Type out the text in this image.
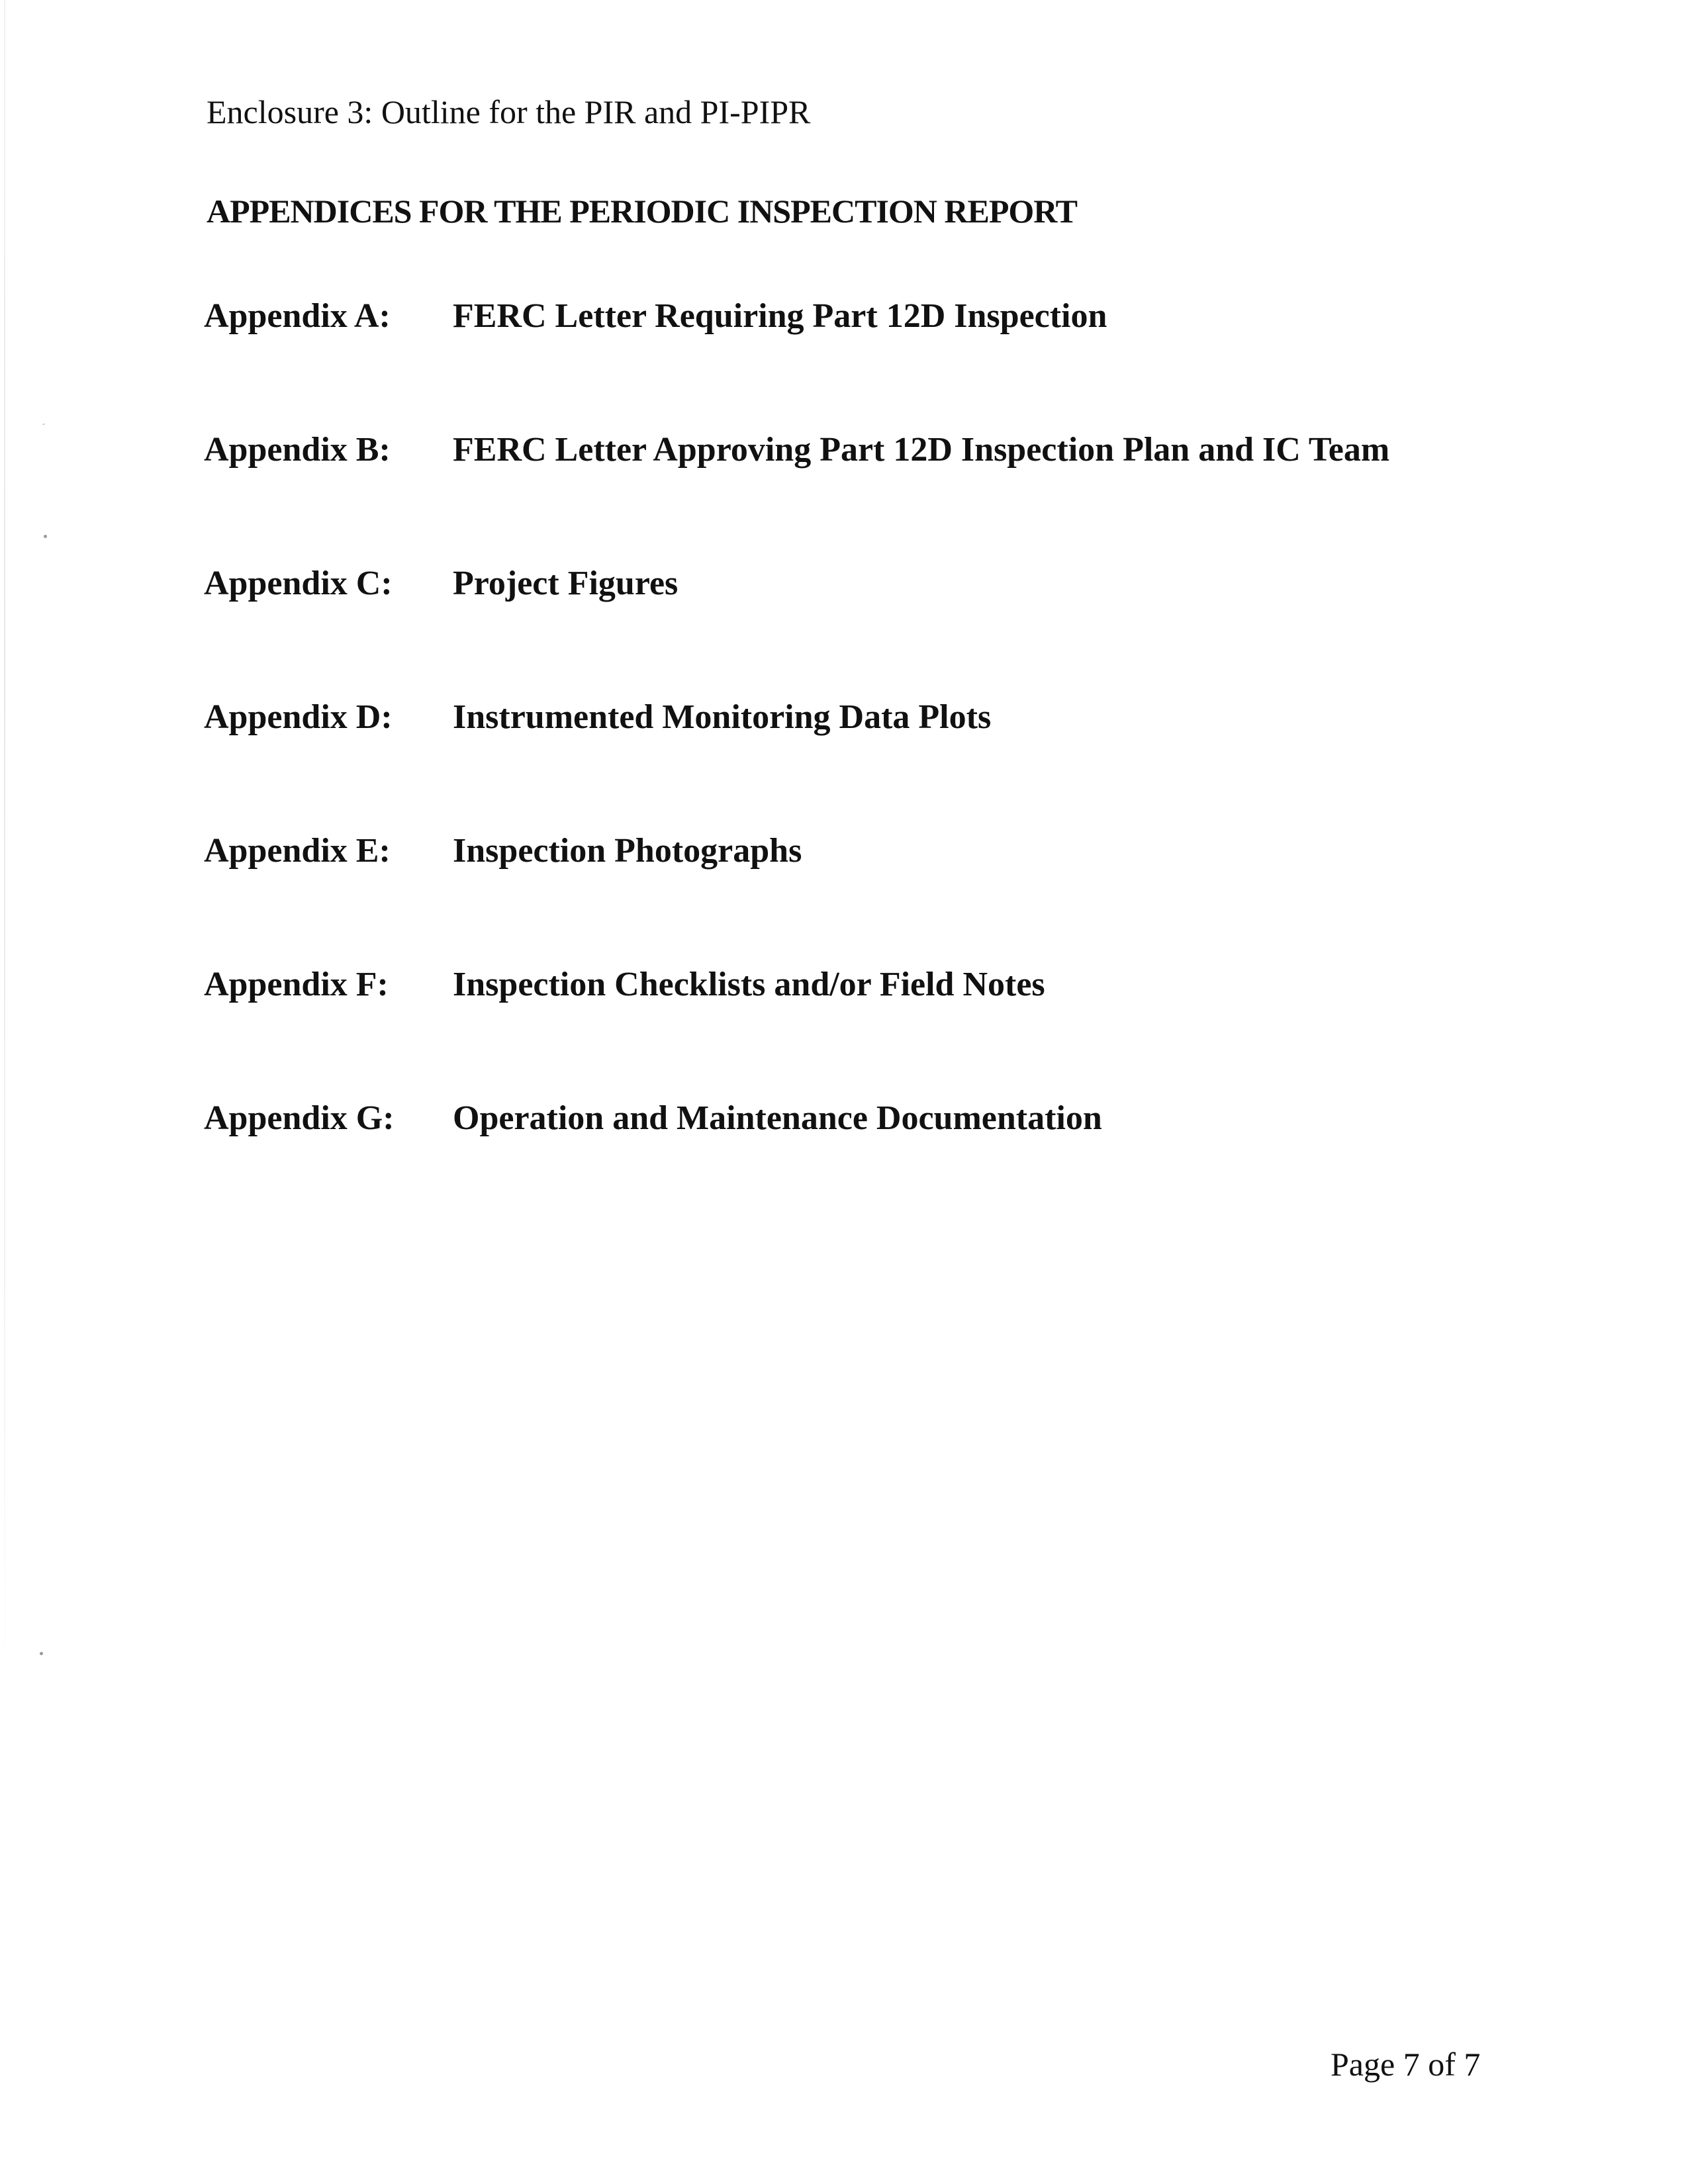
Enclosure 3: Outline for the PIR and PI-PIPR
APPENDICES FOR THE PERIODIC INSPECTION REPORT
Appendix A: FERC Letter Requiring Part 12D Inspection
Appendix B: FERC Letter Approving Part 12D Inspection Plan and IC Team
Appendix C: Project Figures
Appendix D: Instrumented Monitoring Data Plots
Appendix E: Inspection Photographs
Appendix F: Inspection Checklists and/or Field Notes
Appendix G: Operation and Maintenance Documentation
Page 7 of 7
